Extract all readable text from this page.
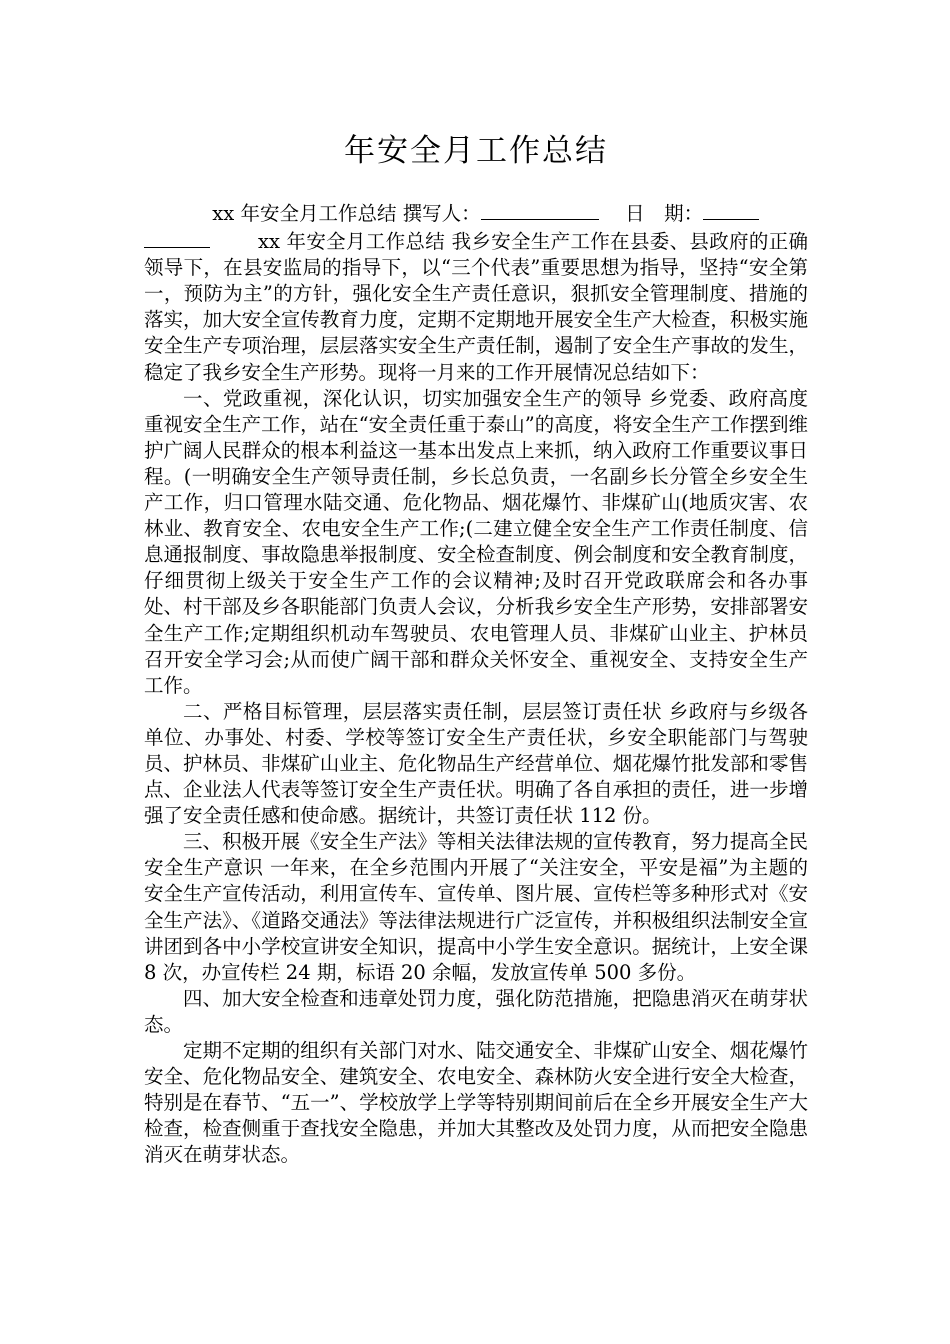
年安全月工作总结
xx 年安全月工作总结 撰写人：	日　期：

xx 年安全月工作总结 我乡安全生产工作在县委、县政府的正确领导下，在县安监局的指导下，以“三个代表”重要思想为指导，坚持“安全第一，预防为主”的方针，强化安全生产责任意识，狠抓安全管理制度、措施的落实，加大安全宣传教育力度，定期不定期地开展安全生产大检查，积极实施安全生产专项治理，层层落实安全生产责任制，遏制了安全生产事故的发生，稳定了我乡安全生产形势。现将一月来的工作开展情况总结如下：

一、党政重视，深化认识，切实加强安全生产的领导 乡党委、政府高度重视安全生产工作，站在“安全责任重于泰山”的高度，将安全生产工作摆到维护广阔人民群众的根本利益这一基本出发点上来抓，纳入政府工作重要议事日程。(一明确安全生产领导责任制，乡长总负责，一名副乡长分管全乡安全生产工作，归口管理水陆交通、危化物品、烟花爆竹、非煤矿山(地质灾害、农林业、教育安全、农电安全生产工作;(二建立健全安全生产工作责任制度、信息通报制度、事故隐患举报制度、安全检查制度、例会制度和安全教育制度，仔细贯彻上级关于安全生产工作的会议精神;及时召开党政联席会和各办事处、村干部及乡各职能部门负责人会议，分析我乡安全生产形势，安排部署安全生产工作;定期组织机动车驾驶员、农电管理人员、非煤矿山业主、护林员召开安全学习会;从而使广阔干部和群众关怀安全、重视安全、支持安全生产工作。

二、严格目标管理，层层落实责任制，层层签订责任状 乡政府与乡级各单位、办事处、村委、学校等签订安全生产责任状，乡安全职能部门与驾驶员、护林员、非煤矿山业主、危化物品生产经营单位、烟花爆竹批发部和零售点、企业法人代表等签订安全生产责任状。明确了各自承担的责任，进一步增强了安全责任感和使命感。据统计，共签订责任状 112 份。

三、积极开展《安全生产法》等相关法律法规的宣传教育，努力提高全民安全生产意识 一年来，在全乡范围内开展了“关注安全，平安是福”为主题的安全生产宣传活动，利用宣传车、宣传单、图片展、宣传栏等多种形式对《安全生产法》、《道路交通法》等法律法规进行广泛宣传，并积极组织法制安全宣讲团到各中小学校宣讲安全知识，提高中小学生安全意识。据统计，上安全课 8 次，办宣传栏 24 期，标语 20 余幅，发放宣传单 500 多份。

四、加大安全检查和违章处罚力度，强化防范措施，把隐患消灭在萌芽状态。

定期不定期的组织有关部门对水、陆交通安全、非煤矿山安全、烟花爆竹安全、危化物品安全、建筑安全、农电安全、森林防火安全进行安全大检查，特别是在春节、“五一”、学校放学上学等特别期间前后在全乡开展安全生产大检查，检查侧重于查找安全隐患，并加大其整改及处罚力度，从而把安全隐患消灭在萌芽状态。
